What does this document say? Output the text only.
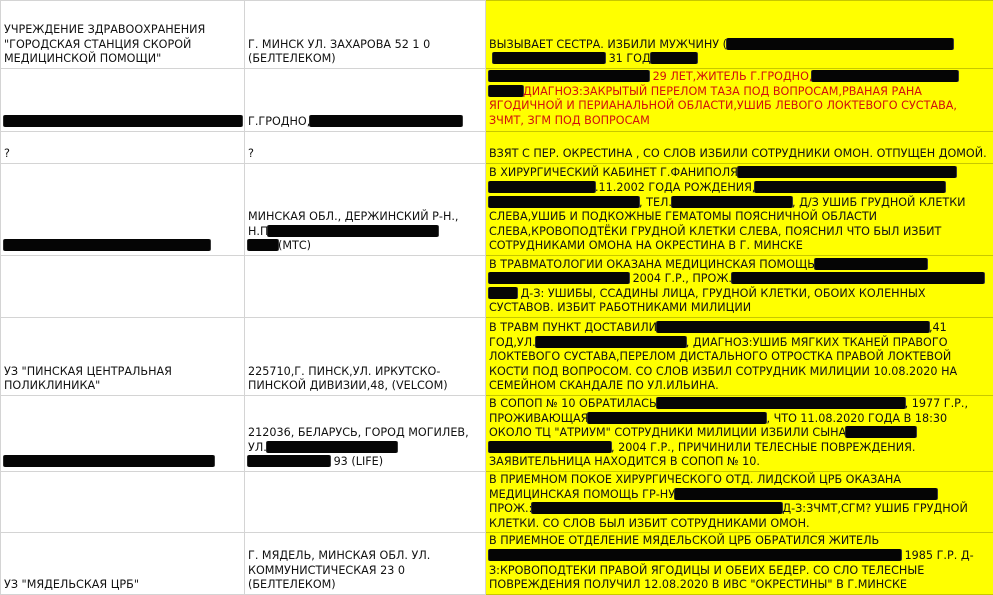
УЧРЕЖДЕНИЕ ЗДРАВООХРАНЕНИЯ "ГОРОДСКАЯ СТАНЦИЯ СКОРОЙ МЕДИЦИНСКОЙ ПОМОЩИ"	Г. МИНСК УЛ. ЗАХАРОВА 52 1 0 (БЕЛТЕЛЕКОМ)	ВЫЗЫВАЕТ СЕСТРА. ИЗБИЛИ МУЖЧИНУ (
31 ГОД
	Г.ГРОДНО,	29 ЛЕТ,ЖИТЕЛЬ Г.ГРОДНО,
ДИАГНОЗ:ЗАКРЫТЫЙ ПЕРЕЛОМ ТАЗА ПОД ВОПРОСАМ,РВАНАЯ РАНА ЯГОДИЧНОЙ И ПЕРИАНАЛЬНОЙ ОБЛАСТИ,УШИБ ЛЕВОГО ЛОКТЕВОГО СУСТАВА, ЗЧМТ, ЗГМ ПОД ВОПРОСАМ
?	?	ВЗЯТ С ПЕР. ОКРЕСТИНА , СО СЛОВ ИЗБИЛИ СОТРУДНИКИ ОМОН. ОТПУЩЕН ДОМОЙ.
	МИНСКАЯ ОБЛ., ДЕРЖИНСКИЙ Р-Н., Н.П
(МТС)	В ХИРУРГИЧЕСКИЙ КАБИНЕТ Г.ФАНИПОЛЯ
.11.2002 ГОДА РОЖДЕНИЯ,
, ТЕЛ. , Д/З УШИБ ГРУДНОЙ КЛЕТКИ СЛЕВА,УШИБ И ПОДКОЖНЫЕ ГЕМАТОМЫ ПОЯСНИЧНОЙ ОБЛАСТИ СЛЕВА,КРОВОПОДТЁКИ ГРУДНОЙ КЛЕТКИ СЛЕВА, ПОЯСНИЛ ЧТО БЫЛ ИЗБИТ СОТРУДНИКАМИ ОМОНА НА ОКРЕСТИНА В Г. МИНСКЕ
		В ТРАВМАТОЛОГИИ ОКАЗАНА МЕДИЦИНСКАЯ ПОМОЩЬ
2004 Г.Р., ПРОЖ.
Д-З: УШИБЫ, ССАДИНЫ ЛИЦА, ГРУДНОЙ КЛЕТКИ, ОБОИХ КОЛЕННЫХ СУСТАВОВ. ИЗБИТ РАБОТНИКАМИ МИЛИЦИИ
УЗ "ПИНСКАЯ ЦЕНТРАЛЬНАЯ ПОЛИКЛИНИКА"	225710,Г. ПИНСК,УЛ. ИРКУТСКО-ПИНСКОЙ ДИВИЗИИ,48, (VELCOM)	В ТРАВМ ПУНКТ ДОСТАВИЛИ ,41 ГОД,УЛ. , ДИАГНОЗ:УШИБ МЯГКИХ ТКАНЕЙ ПРАВОГО ЛОКТЕВОГО СУСТАВА,ПЕРЕЛОМ ДИСТАЛЬНОГО ОТРОСТКА ПРАВОЙ ЛОКТЕВОЙ КОСТИ ПОД ВОПРОСОМ. СО СЛОВ ИЗБИЛ СОТРУДНИК МИЛИЦИИ 10.08.2020 НА СЕМЕЙНОМ СКАНДАЛЕ ПО УЛ.ИЛЬИНА.
	212036, БЕЛАРУСЬ, ГОРОД МОГИЛЕВ, УЛ.
93 (LIFE)	В СОПОП № 10 ОБРАТИЛАСЬ , 1977 Г.Р., ПРОЖИВАЮЩАЯ , ЧТО 11.08.2020 ГОДА В 18:30 ОКОЛО ТЦ "АТРИУМ" СОТРУДНИКИ МИЛИЦИИ ИЗБИЛИ СЫНА
, 2004 Г.Р., ПРИЧИНИЛИ ТЕЛЕСНЫЕ ПОВРЕЖДЕНИЯ. ЗАЯВИТЕЛЬНИЦА НАХОДИТСЯ В СОПОП № 10.
		В ПРИЕМНОМ ПОКОЕ ХИРУРГИЧЕСКОГО ОТД. ЛИДСКОЙ ЦРБ ОКАЗАНА МЕДИЦИНСКАЯ ПОМОЩЬ ГР-НУ
ПРОЖ.: Д-З:ЗЧМТ,СГМ? УШИБ ГРУДНОЙ КЛЕТКИ. СО СЛОВ БЫЛ ИЗБИТ СОТРУДНИКАМИ ОМОН.
УЗ "МЯДЕЛЬСКАЯ ЦРБ"	Г. МЯДЕЛЬ, МИНСКАЯ ОБЛ. УЛ. КОММУНИСТИЧЕСКАЯ 23 0 (БЕЛТЕЛЕКОМ)	В ПРИЕМНОЕ ОТДЕЛЕНИЕ МЯДЕЛЬСКОЙ ЦРБ ОБРАТИЛСЯ ЖИТЕЛЬ
1985 Г.Р. Д-З:КРОВОПОДТЕКИ ПРАВОЙ ЯГОДИЦЫ И ОБЕИХ БЕДЕР. СО СЛО ТЕЛЕСНЫЕ ПОВРЕЖДЕНИЯ ПОЛУЧИЛ 12.08.2020 В ИВС "ОКРЕСТИНЫ" В Г.МИНСКЕ
